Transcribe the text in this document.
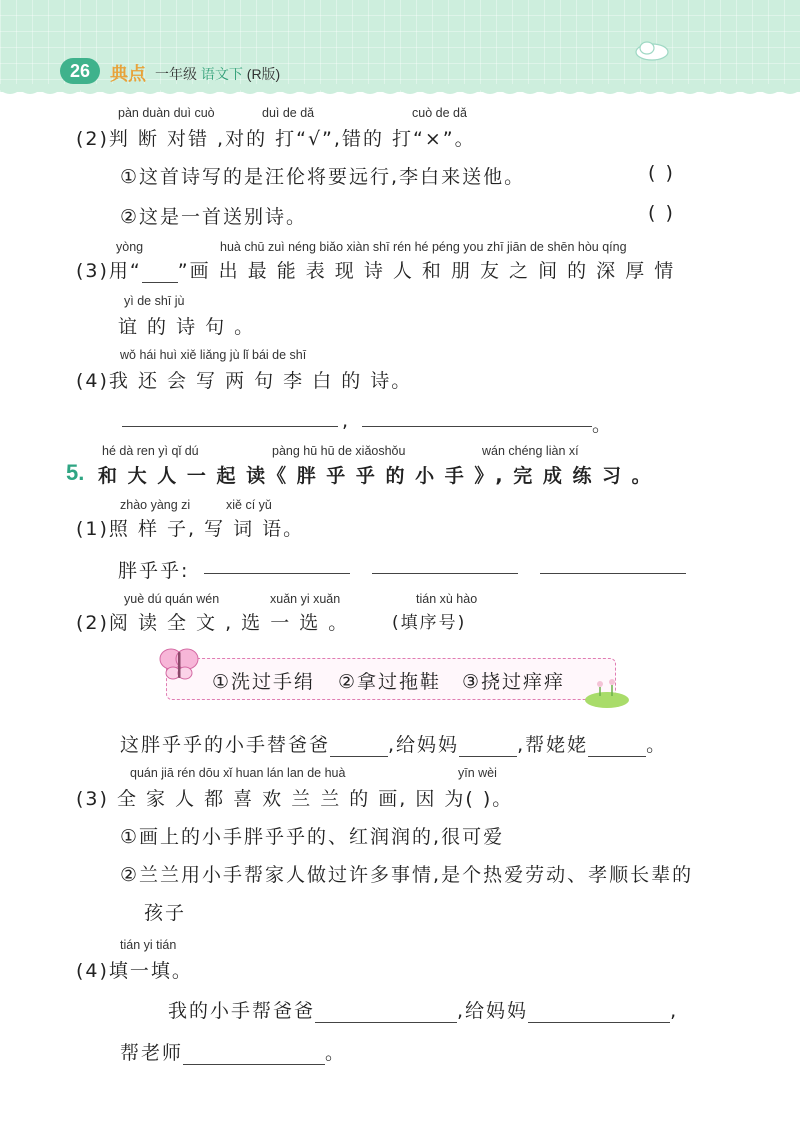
26	典点 一年级 语文下 (R版)
pàn duàn duì cuò	duì de dǎ	cuò de dǎ
(2)判 断 对错 ,对的 打“√”,错的 打“×”。
①这首诗写的是汪伦将要远行,李白来送他。	( )
②这是一首送别诗。	( )
yòng	huà chū zuì néng biǎo xiàn shī rén hé péng you zhī jiān de shēn hòu qíng
(3)用“ ”画 出 最 能 表 现 诗 人 和 朋 友 之 间 的 深 厚 情
yì de shī jù
谊 的 诗 句 。
wǒ hái huì xiě liǎng jù lǐ bái de shī
(4)我 还 会 写 两 句 李 白 的 诗。
,	。
hé dà ren yì qǐ dú	pàng hū hū de xiǎoshǒu	wán chéng liàn xí
5. 和 大 人 一 起 读《 胖 乎 乎 的 小 手 》, 完 成 练 习 。
zhào yàng zi	xiě cí yǔ
(1)照 样 子, 写 词 语。
胖乎乎:
yuè dú quán wén	xuǎn yi xuǎn	tián xù hào
(2)阅 读 全 文 , 选 一 选 。	(填序号)
①洗过手绢 ②拿过拖鞋 ③挠过痒痒
这胖乎乎的小手替爸爸	,给妈妈	,帮姥姥	。
quán jiā rén dōu xǐ huan lán lan de huà	yīn wèi
(3) 全 家 人 都 喜 欢 兰 兰 的 画, 因 为( )。
①画上的小手胖乎乎的、红润润的,很可爱
②兰兰用小手帮家人做过许多事情,是个热爱劳动、孝顺长辈的
孩子
tián yi tián
(4)填一填。
我的小手帮爸爸	,给妈妈	,
帮老师	。
